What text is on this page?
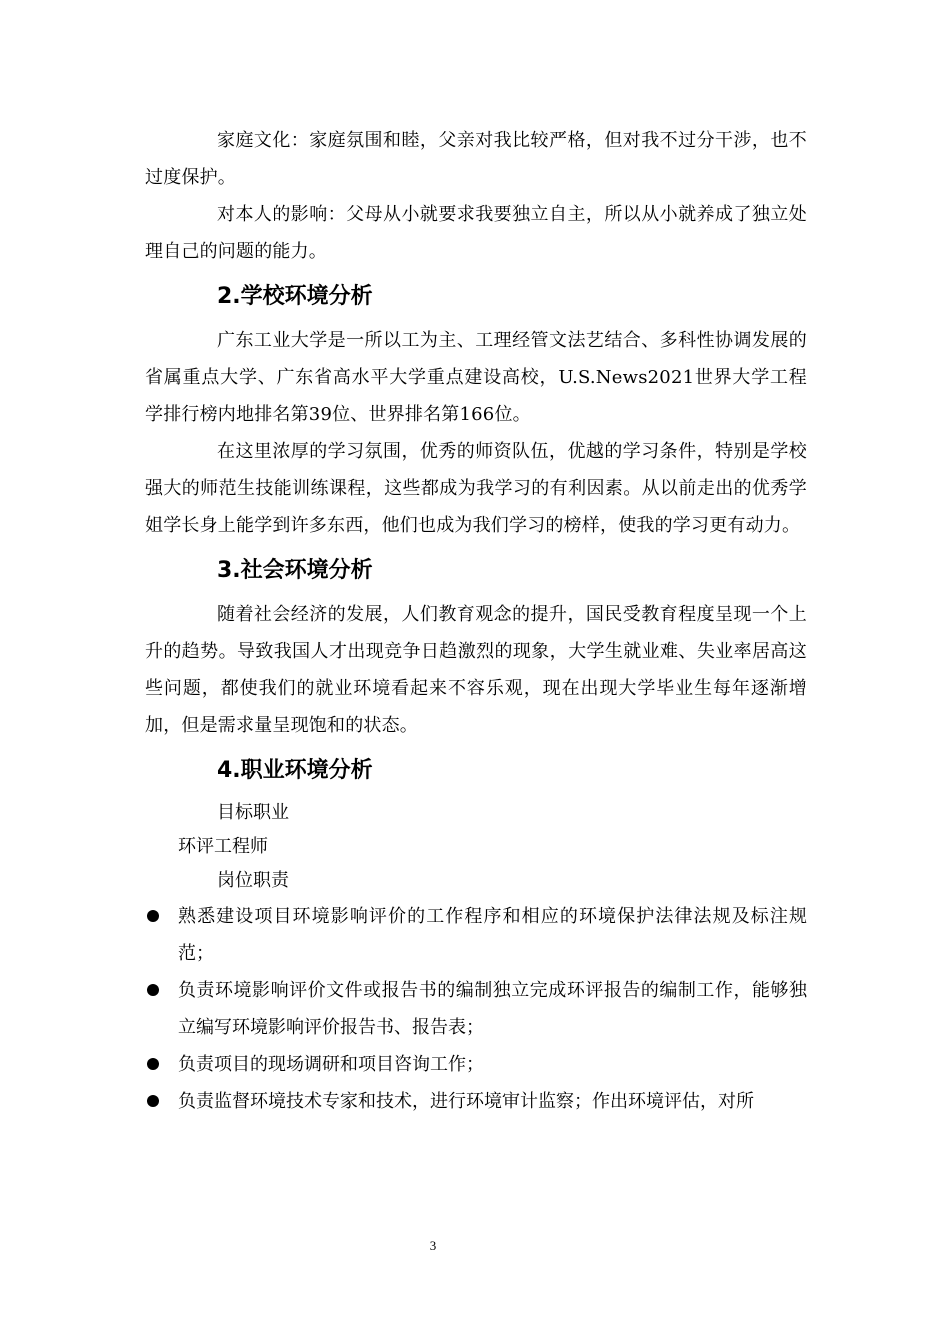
家庭文化：家庭氛围和睦，父亲对我比较严格，但对我不过分干涉，也不过度保护。

对本人的影响：父母从小就要求我要独立自主，所以从小就养成了独立处理自己的问题的能力。

2.学校环境分析

广东工业大学是一所以工为主、工理经管文法艺结合、多科性协调发展的省属重点大学、广东省高水平大学重点建设高校，U.S.News2021世界大学工程学排行榜内地排名第39位、世界排名第166位。

在这里浓厚的学习氛围，优秀的师资队伍，优越的学习条件，特别是学校强大的师范生技能训练课程，这些都成为我学习的有利因素。从以前走出的优秀学姐学长身上能学到许多东西，他们也成为我们学习的榜样，使我的学习更有动力。

3.社会环境分析

随着社会经济的发展，人们教育观念的提升，国民受教育程度呈现一个上升的趋势。导致我国人才出现竞争日趋激烈的现象，大学生就业难、失业率居高这些问题，都使我们的就业环境看起来不容乐观，现在出现大学毕业生每年逐渐增加，但是需求量呈现饱和的状态。

4.职业环境分析

目标职业

环评工程师

岗位职责

熟悉建设项目环境影响评价的工作程序和相应的环境保护法律法规及标注规范；
负责环境影响评价文件或报告书的编制独立完成环评报告的编制工作，能够独立编写环境影响评价报告书、报告表；
负责项目的现场调研和项目咨询工作；
负责监督环境技术专家和技术，进行环境审计监察；作出环境评估，对所
3
